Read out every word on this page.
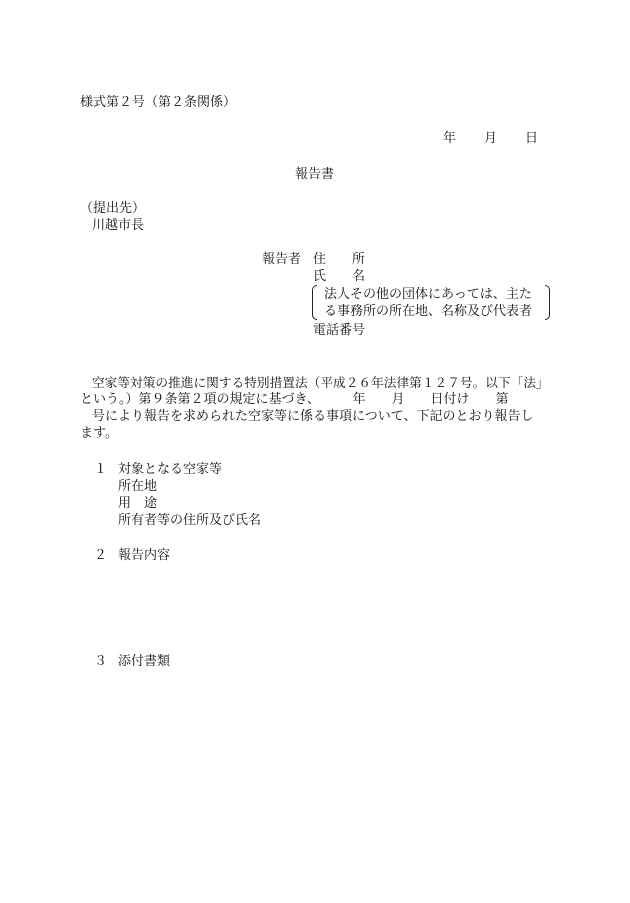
様式第２号（第２条関係）
年 月 日
報告書
（提出先）
川越市長
報告者 住　　所
氏　　名
法人その他の団体にあっては、主た
る事務所の所在地、名称及び代表者
電話番号
空家等対策の推進に関する特別措置法（平成２６年法律第１２７号。以下「法」
という。）第９条第２項の規定に基づき、　　　年　　月　　日付け　　第
号により報告を求められた空家等に係る事項について、下記のとおり報告し
ます。
１ 対象となる空家等
所在地
用　途
所有者等の住所及び氏名
２ 報告内容
３ 添付書類
